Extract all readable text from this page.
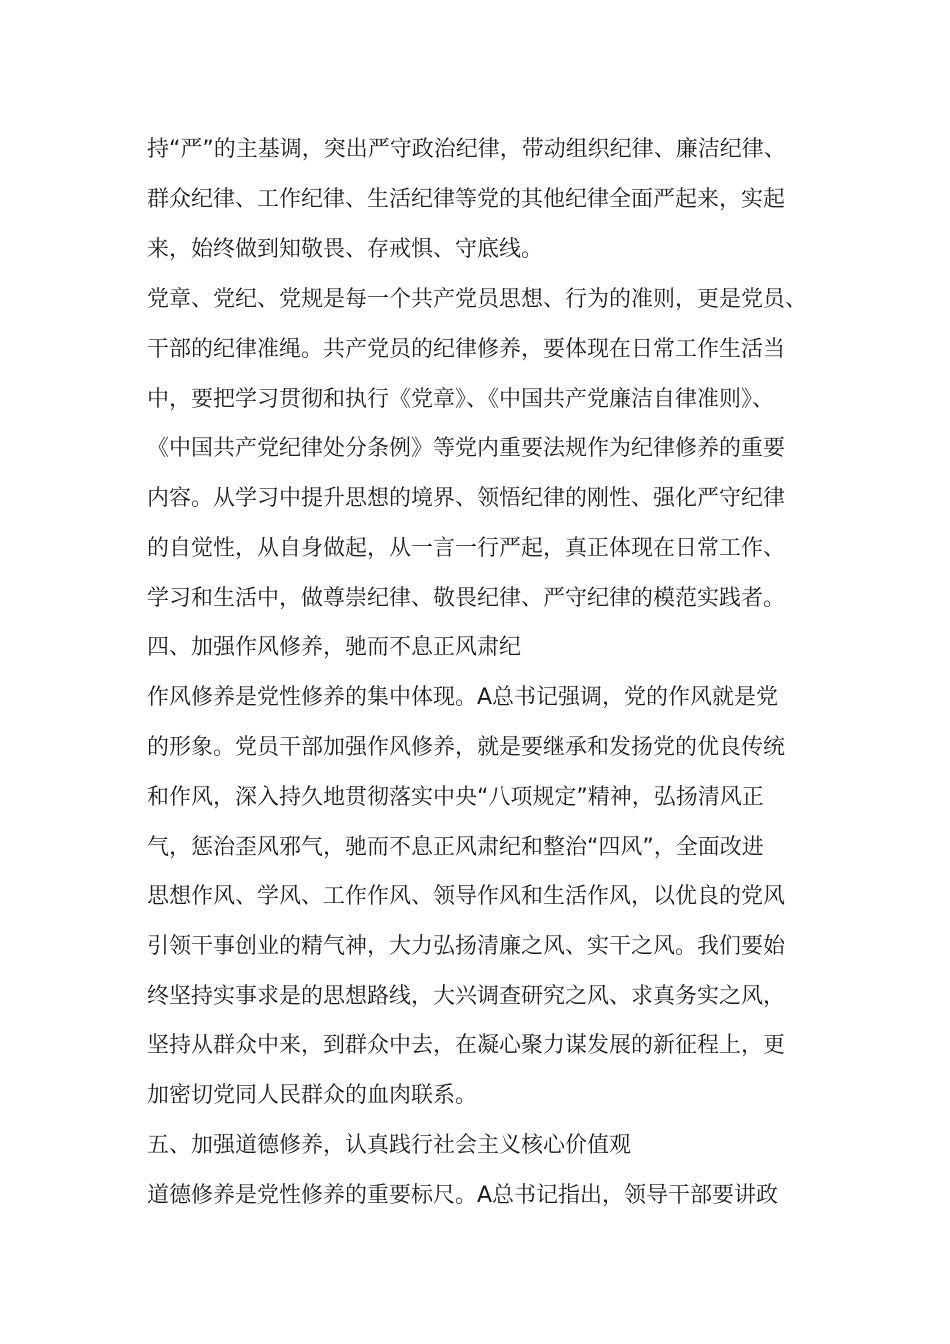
持“严”的主基调，突出严守政治纪律，带动组织纪律、廉洁纪律、
群众纪律、工作纪律、生活纪律等党的其他纪律全面严起来，实起
来，始终做到知敬畏、存戒惧、守底线。
党章、党纪、党规是每一个共产党员思想、行为的准则，更是党员、
干部的纪律准绳。共产党员的纪律修养，要体现在日常工作生活当
中，要把学习贯彻和执行《党章》、《中国共产党廉洁自律准则》、
《中国共产党纪律处分条例》等党内重要法规作为纪律修养的重要
内容。从学习中提升思想的境界、领悟纪律的刚性、强化严守纪律
的自觉性，从自身做起，从一言一行严起，真正体现在日常工作、
学习和生活中，做尊崇纪律、敬畏纪律、严守纪律的模范实践者。
四、加强作风修养，驰而不息正风肃纪
作风修养是党性修养的集中体现。A总书记强调，党的作风就是党
的形象。党员干部加强作风修养，就是要继承和发扬党的优良传统
和作风，深入持久地贯彻落实中央“八项规定”精神，弘扬清风正
气，惩治歪风邪气，驰而不息正风肃纪和整治“四风”，全面改进
思想作风、学风、工作作风、领导作风和生活作风，以优良的党风
引领干事创业的精气神，大力弘扬清廉之风、实干之风。我们要始
终坚持实事求是的思想路线，大兴调查研究之风、求真务实之风，
坚持从群众中来，到群众中去，在凝心聚力谋发展的新征程上，更
加密切党同人民群众的血肉联系。
五、加强道德修养，认真践行社会主义核心价值观
道德修养是党性修养的重要标尺。A总书记指出，领导干部要讲政
